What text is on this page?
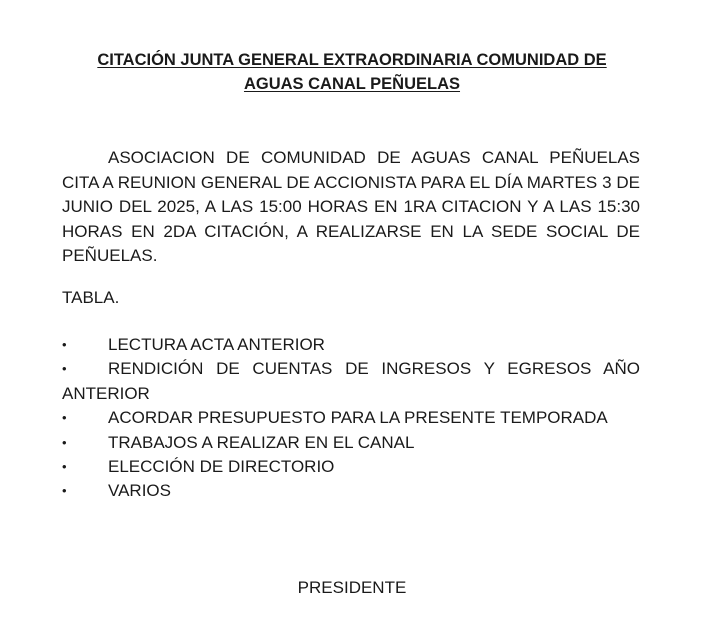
CITACIÓN JUNTA GENERAL EXTRAORDINARIA COMUNIDAD DE
AGUAS CANAL PEÑUELAS
ASOCIACION DE COMUNIDAD DE AGUAS CANAL PEÑUELAS CITA A REUNION GENERAL DE ACCIONISTA PARA EL DÍA MARTES 3 DE JUNIO DEL 2025, A LAS 15:00 HORAS EN 1RA CITACION Y A LAS 15:30 HORAS EN 2DA CITACIÓN, A REALIZARSE EN LA SEDE SOCIAL DE PEÑUELAS.
TABLA.
• LECTURA ACTA ANTERIOR
• RENDICIÓN DE CUENTAS DE INGRESOS Y EGRESOS AÑO ANTERIOR
• ACORDAR PRESUPUESTO PARA LA PRESENTE TEMPORADA
• TRABAJOS A REALIZAR EN EL CANAL
• ELECCIÓN DE DIRECTORIO
• VARIOS
PRESIDENTE
